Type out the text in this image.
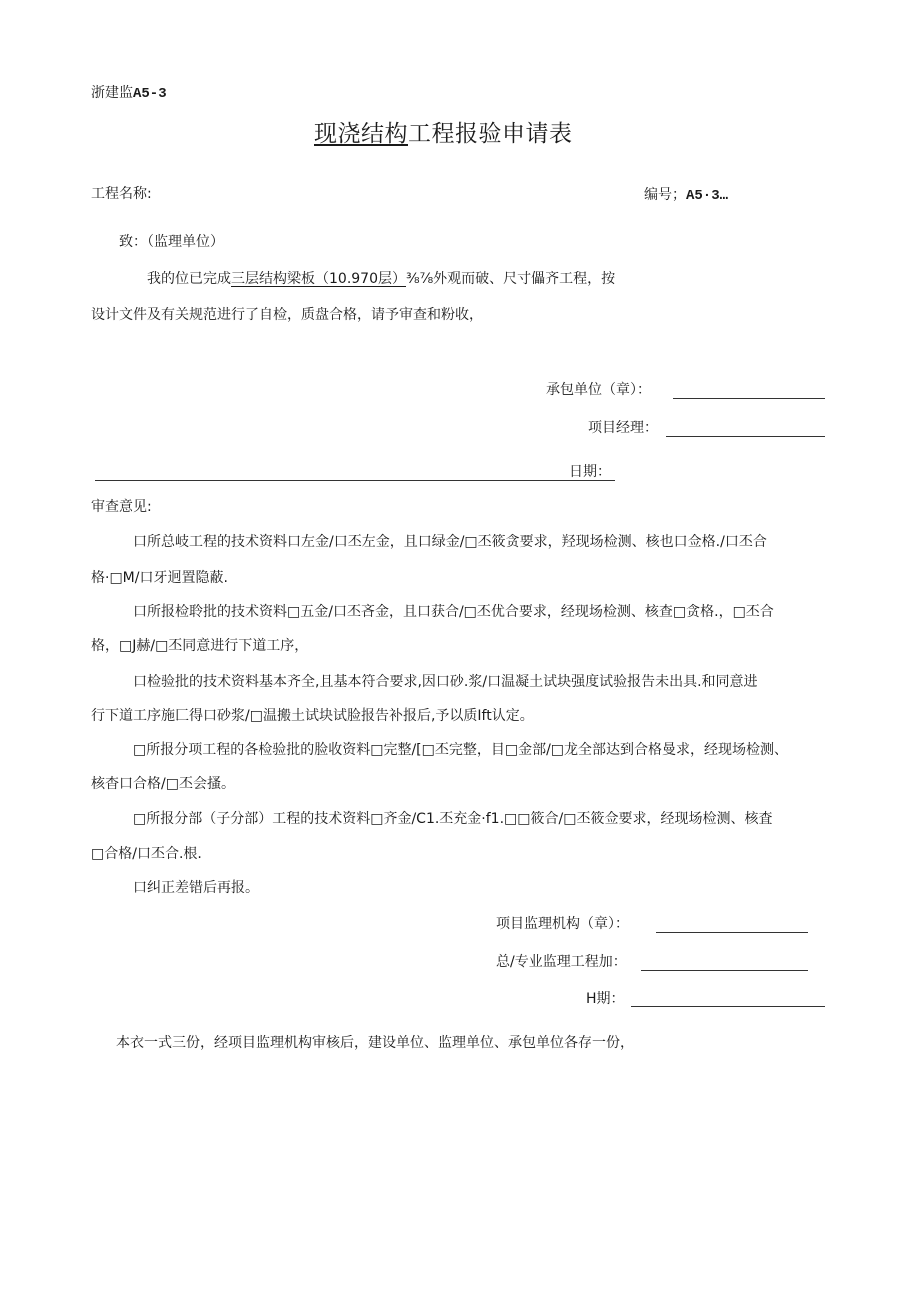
浙建监A5-3
现浇结构工程报验申请表
工程名称:	编号；A5·3…
致：（监理单位）
我的位已完成三层结构梁板（10.970层）⅜⅞外观而破、尺寸儡齐工程，按
设计文件及有关规范进行了自检，质盘合格，请予审查和粉收，
承包单位（章）：
项目经理：
日期：
审查意见:
口所总岐工程的技术资料口左金/口丕左金，且口绿金/□丕筱贪要求，羟现场检测、核也口佥格./口丕合
格·□M/口牙迥置隐蔽.
口所报检聆批的技术资料□五金/口丕吝金，且口获合/□丕优合要求，经现场检测、核查□贪格.，□丕合
格，□J赫/□丕同意进行下道工序，
口检验批的技术资料基本齐全,且基本符合要求,因口砂.浆/口温凝土试块强度试验报告未出具.和同意进
行下道工序施匚得口砂浆/□温搬土试块试脸报告补报后,予以质Ift认定。
□所报分项工程的各检验批的脸收资料□完整/[□丕完整，目□金部/□龙全部达到合格曼求，经现场检测、
核杳口合格/□丕会搔。
□所报分部（子分部）工程的技术资料□齐金/C1.丕充金·f1.□□筱合/□丕筱佥要求，经现场检测、核査
□合格/口丕合.根.
口纠正差错后再报。
项目监理机构（章）：
总/专业监理工程加：
H期：
本衣一式三份，经项目监理机构审核后，建设单位、监理单位、承包单位各存一份，
